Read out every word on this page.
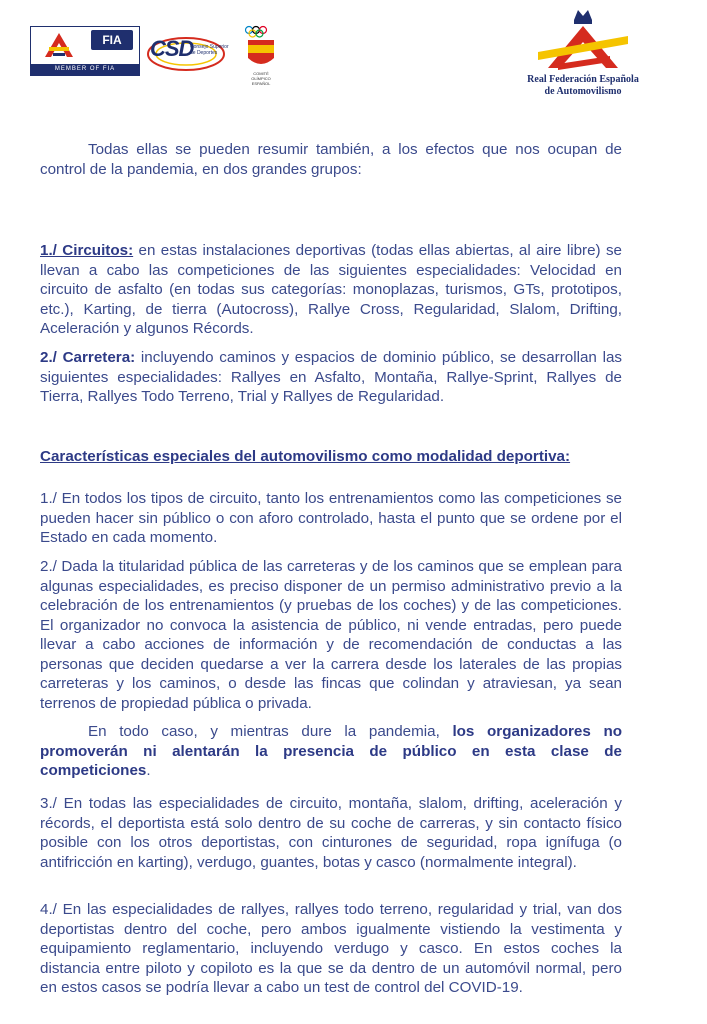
FIA
MEMBER OF FIA
CSD
Consejo Superior de Deportes
COMITÉ OLÍMPICO ESPAÑOL	Real Federación Española
de Automovilismo

Todas ellas se pueden resumir también, a los efectos que nos ocupan de control de la pandemia, en dos grandes grupos:

1./ Circuitos: en estas instalaciones deportivas (todas ellas abiertas, al aire libre) se llevan a cabo las competiciones de las siguientes especialidades: Velocidad en circuito de asfalto (en todas sus categorías: monoplazas, turismos, GTs, prototipos, etc.), Karting, de tierra (Autocross), Rallye Cross, Regularidad, Slalom, Drifting, Aceleración y algunos Récords.

2./ Carretera: incluyendo caminos y espacios de dominio público, se desarrollan las siguientes especialidades: Rallyes en Asfalto, Montaña, Rallye-Sprint, Rallyes de Tierra, Rallyes Todo Terreno, Trial y Rallyes de Regularidad.

Características especiales del automovilismo como modalidad deportiva:

1./ En todos los tipos de circuito, tanto los entrenamientos como las competiciones se pueden hacer sin público o con aforo controlado, hasta el punto que se ordene por el Estado en cada momento.

2./ Dada la titularidad pública de las carreteras y de los caminos que se emplean para algunas especialidades, es preciso disponer de un permiso administrativo previo a la celebración de los entrenamientos (y pruebas de los coches) y de las competiciones. El organizador no convoca la asistencia de público, ni vende entradas, pero puede llevar a cabo acciones de información y de recomendación de conductas a las personas que deciden quedarse a ver la carrera desde los laterales de las propias carreteras y los caminos, o desde las fincas que colindan y atraviesan, ya sean terrenos de propiedad pública o privada.

En todo caso, y mientras dure la pandemia, los organizadores no promoverán ni alentarán la presencia de público en esta clase de competiciones.

3./ En todas las especialidades de circuito, montaña, slalom, drifting, aceleración y récords, el deportista está solo dentro de su coche de carreras, y sin contacto físico posible con los otros deportistas, con cinturones de seguridad, ropa ignífuga (o antifricción en karting), verdugo, guantes, botas y casco (normalmente integral).

4./ En las especialidades de rallyes, rallyes todo terreno, regularidad y trial, van dos deportistas dentro del coche, pero ambos igualmente vistiendo la vestimenta y equipamiento reglamentario, incluyendo verdugo y casco. En estos coches la distancia entre piloto y copiloto es la que se da dentro de un automóvil normal, pero en estos casos se podría llevar a cabo un test de control del COVID-19.
